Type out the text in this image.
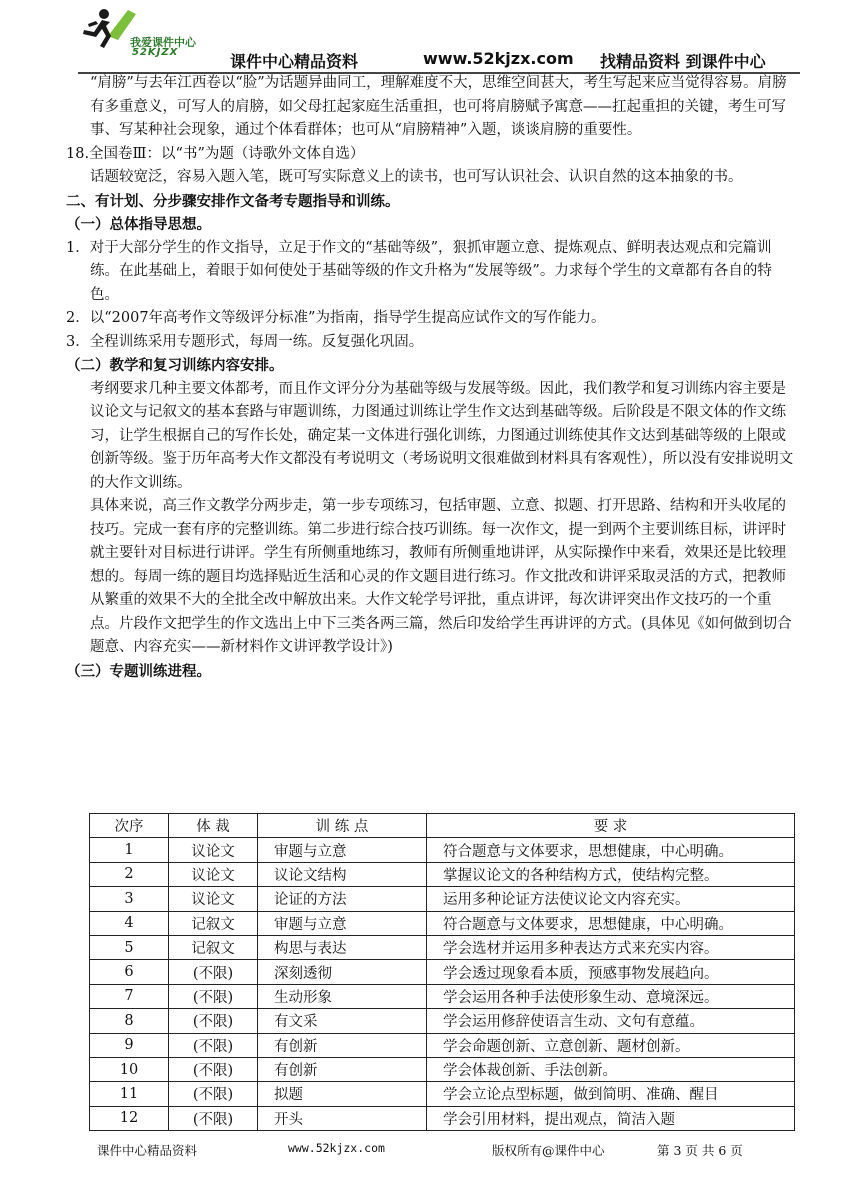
我爱课件中心
52KJZX	课件中心精品资料	www.52kjzx.com 找精品资料 到课件中心

“肩膀”与去年江西卷以“脸”为话题异曲同工，理解难度不大，思维空间甚大，考生写起来应当觉得容易。肩膀有多重意义，可写人的肩膀，如父母扛起家庭生活重担，也可将肩膀赋予寓意——扛起重担的关键，考生可写事、写某种社会现象，通过个体看群体；也可从“肩膀精神”入题，谈谈肩膀的重要性。

18.全国卷Ⅲ：以“书”为题（诗歌外文体自选）

话题较宽泛，容易入题入笔，既可写实际意义上的读书，也可写认识社会、认识自然的这本抽象的书。

二、有计划、分步骤安排作文备考专题指导和训练。

（一）总体指导思想。

1．对于大部分学生的作文指导，立足于作文的“基础等级”，狠抓审题立意、提炼观点、鲜明表达观点和完篇训练。在此基础上，着眼于如何使处于基础等级的作文升格为“发展等级”。力求每个学生的文章都有各自的特色。

2．以“2007年高考作文等级评分标准”为指南，指导学生提高应试作文的写作能力。

3．全程训练采用专题形式，每周一练。反复强化巩固。

（二）教学和复习训练内容安排。

考纲要求几种主要文体都考，而且作文评分分为基础等级与发展等级。因此，我们教学和复习训练内容主要是议论文与记叙文的基本套路与审题训练，力图通过训练让学生作文达到基础等级。后阶段是不限文体的作文练习，让学生根据自己的写作长处，确定某一文体进行强化训练，力图通过训练使其作文达到基础等级的上限或创新等级。鉴于历年高考大作文都没有考说明文（考场说明文很难做到材料具有客观性），所以没有安排说明文的大作文训练。

具体来说，高三作文教学分两步走，第一步专项练习，包括审题、立意、拟题、打开思路、结构和开头收尾的技巧。完成一套有序的完整训练。第二步进行综合技巧训练。每一次作文，提一到两个主要训练目标，讲评时就主要针对目标进行讲评。学生有所侧重地练习，教师有所侧重地讲评，从实际操作中来看，效果还是比较理想的。每周一练的题目均选择贴近生活和心灵的作文题目进行练习。作文批改和讲评采取灵活的方式，把教师从繁重的效果不大的全批全改中解放出来。大作文轮学号评批，重点讲评，每次讲评突出作文技巧的一个重点。片段作文把学生的作文选出上中下三类各两三篇，然后印发给学生再讲评的方式。(具体见《如何做到切合题意、内容充实——新材料作文讲评教学设计》)

（三）专题训练进程。

次序	体 裁	训 练 点	要 求
1	议论文	审题与立意	符合题意与文体要求，思想健康，中心明确。
2	议论文	议论文结构	掌握议论文的各种结构方式，使结构完整。
3	议论文	论证的方法	运用多种论证方法使议论文内容充实。
4	记叙文	审题与立意	符合题意与文体要求，思想健康，中心明确。
5	记叙文	构思与表达	学会选材并运用多种表达方式来充实内容。
6	(不限)	深刻透彻	学会透过现象看本质，预感事物发展趋向。
7	(不限)	生动形象	学会运用各种手法使形象生动、意境深远。
8	(不限)	有文采	学会运用修辞使语言生动、文句有意蕴。
9	(不限)	有创新	学会命题创新、立意创新、题材创新。
10	(不限)	有创新	学会体裁创新、手法创新。
11	(不限)	拟题	学会立论点型标题，做到简明、准确、醒目
12	(不限)	开头	学会引用材料，提出观点，简洁入题
课件中心精品资料	www.52kjzx.com	版权所有@课件中心	第 3 页 共 6 页
